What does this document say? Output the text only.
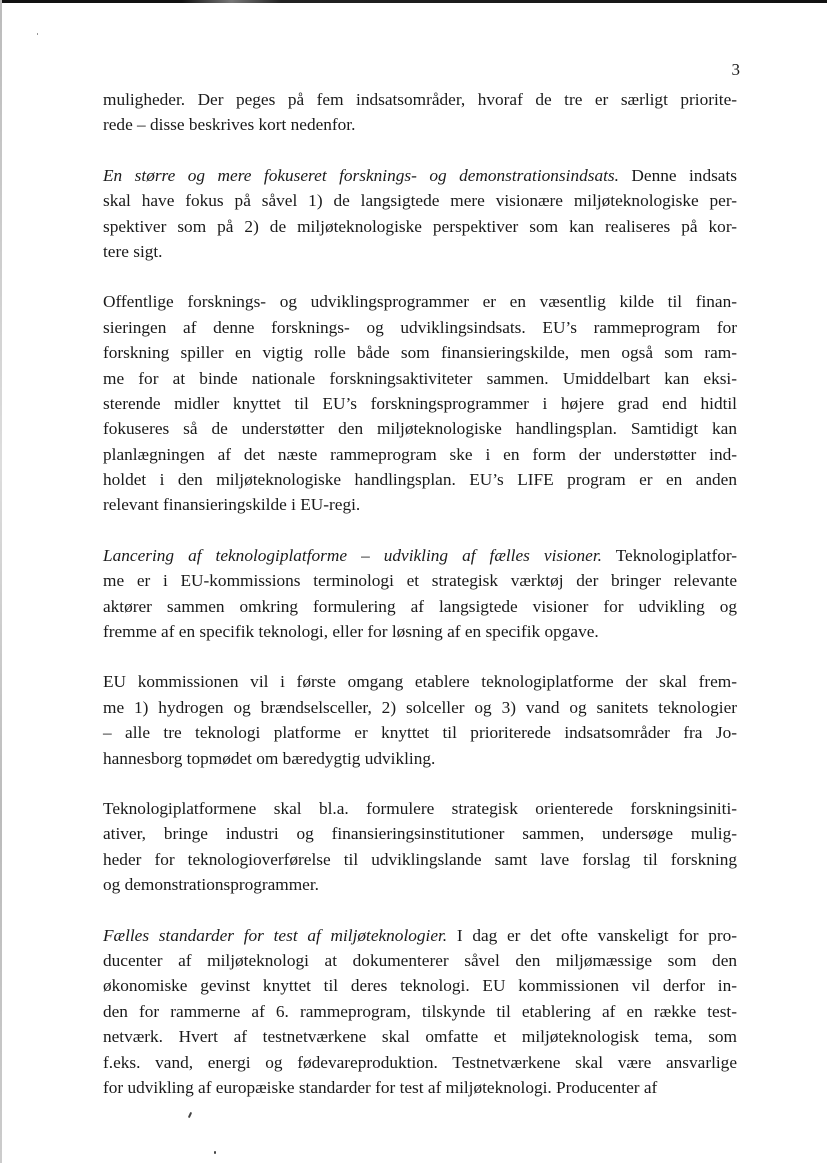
3
muligheder. Der peges på fem indsatsområder, hvoraf de tre er særligt priorite-
rede – disse beskrives kort nedenfor.
En større og mere fokuseret forsknings- og demonstrationsindsats. Denne indsats
skal have fokus på såvel 1) de langsigtede mere visionære miljøteknologiske per-
spektiver som på 2) de miljøteknologiske perspektiver som kan realiseres på kor-
tere sigt.
Offentlige forsknings- og udviklingsprogrammer er en væsentlig kilde til finan-
sieringen af denne forsknings- og udviklingsindsats. EU’s rammeprogram for
forskning spiller en vigtig rolle både som finansieringskilde, men også som ram-
me for at binde nationale forskningsaktiviteter sammen. Umiddelbart kan eksi-
sterende midler knyttet til EU’s forskningsprogrammer i højere grad end hidtil
fokuseres så de understøtter den miljøteknologiske handlingsplan. Samtidigt kan
planlægningen af det næste rammeprogram ske i en form der understøtter ind-
holdet i den miljøteknologiske handlingsplan. EU’s LIFE program er en anden
relevant finansieringskilde i EU-regi.
Lancering af teknologiplatforme – udvikling af fælles visioner. Teknologiplatfor-
me er i EU-kommissions terminologi et strategisk værktøj der bringer relevante
aktører sammen omkring formulering af langsigtede visioner for udvikling og
fremme af en specifik teknologi, eller for løsning af en specifik opgave.
EU kommissionen vil i første omgang etablere teknologiplatforme der skal frem-
me 1) hydrogen og brændselsceller, 2) solceller og 3) vand og sanitets teknologier
– alle tre teknologi platforme er knyttet til prioriterede indsatsområder fra Jo-
hannesborg topmødet om bæredygtig udvikling.
Teknologiplatformene skal bl.a. formulere strategisk orienterede forskningsiniti-
ativer, bringe industri og finansieringsinstitutioner sammen, undersøge mulig-
heder for teknologioverførelse til udviklingslande samt lave forslag til forskning
og demonstrationsprogrammer.
Fælles standarder for test af miljøteknologier. I dag er det ofte vanskeligt for pro-
ducenter af miljøteknologi at dokumenterer såvel den miljømæssige som den
økonomiske gevinst knyttet til deres teknologi. EU kommissionen vil derfor in-
den for rammerne af 6. rammeprogram, tilskynde til etablering af en række test-
netværk. Hvert af testnetværkene skal omfatte et miljøteknologisk tema, som
f.eks. vand, energi og fødevareproduktion. Testnetværkene skal være ansvarlige
for udvikling af europæiske standarder for test af miljøteknologi. Producenter af
